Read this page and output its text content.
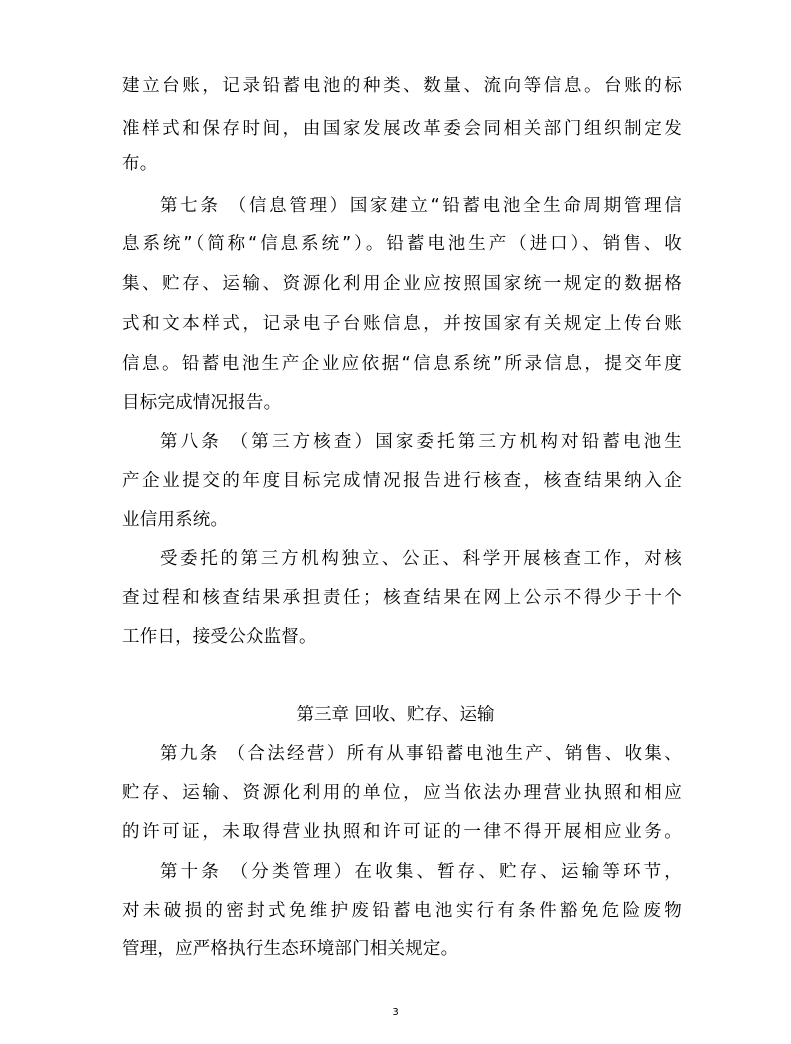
建立台账，记录铅蓄电池的种类、数量、流向等信息。台账的标
准样式和保存时间，由国家发展改革委会同相关部门组织制定发
布。
第七条 （信息管理）国家建立“铅蓄电池全生命周期管理信
息系统”（简称“信息系统”）。铅蓄电池生产（进口）、销售、收
集、贮存、运输、资源化利用企业应按照国家统一规定的数据格
式和文本样式，记录电子台账信息，并按国家有关规定上传台账
信息。铅蓄电池生产企业应依据“信息系统”所录信息，提交年度
目标完成情况报告。
第八条 （第三方核查）国家委托第三方机构对铅蓄电池生
产企业提交的年度目标完成情况报告进行核查，核查结果纳入企
业信用系统。
受委托的第三方机构独立、公正、科学开展核查工作，对核
查过程和核查结果承担责任；核查结果在网上公示不得少于十个
工作日，接受公众监督。
第三章 回收、贮存、运输
第九条 （合法经营）所有从事铅蓄电池生产、销售、收集、
贮存、运输、资源化利用的单位，应当依法办理营业执照和相应
的许可证，未取得营业执照和许可证的一律不得开展相应业务。
第十条 （分类管理）在收集、暂存、贮存、运输等环节，
对未破损的密封式免维护废铅蓄电池实行有条件豁免危险废物
管理，应严格执行生态环境部门相关规定。
3
